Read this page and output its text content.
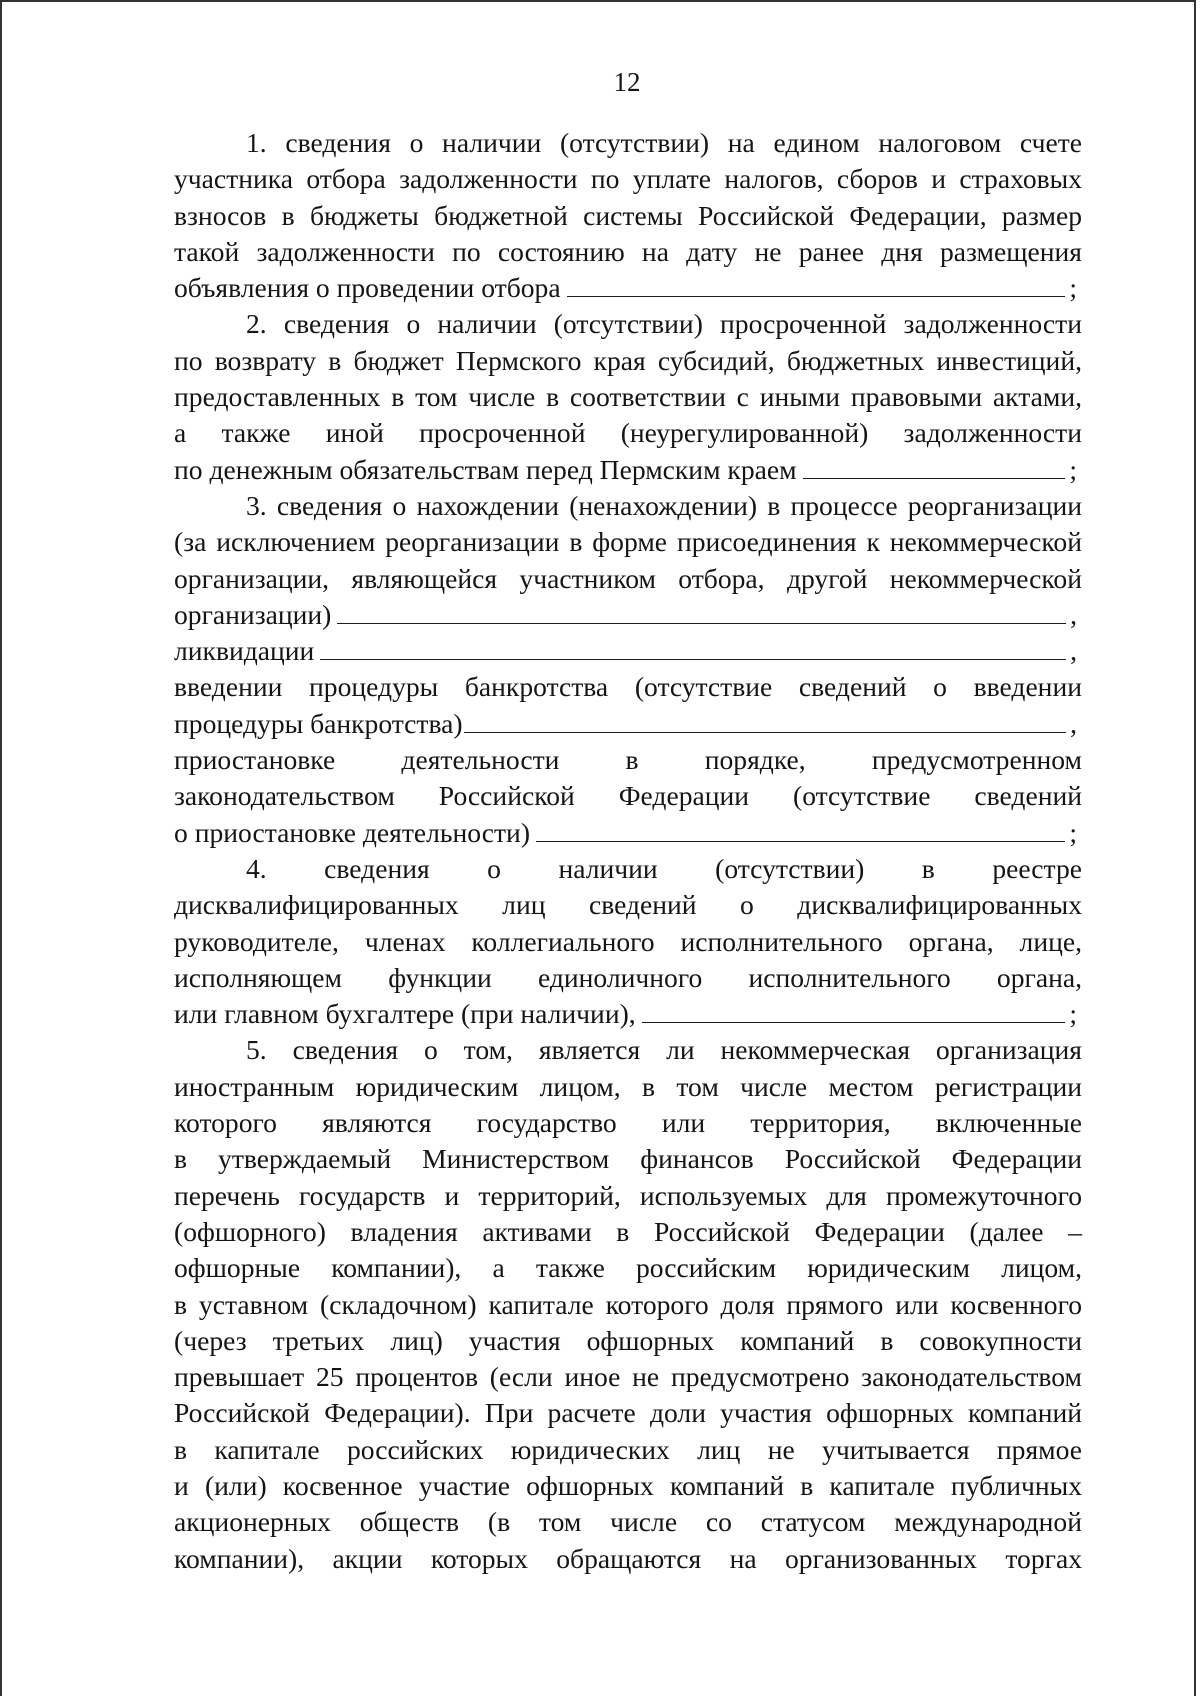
12
1. сведения о наличии (отсутствии) на едином налоговом счете
участника отбора задолженности по уплате налогов, сборов и страховых
взносов в бюджеты бюджетной системы Российской Федерации, размер
такой задолженности по состоянию на дату не ранее дня размещения
объявления о проведении отбора	;
2. сведения о наличии (отсутствии) просроченной задолженности
по возврату в бюджет Пермского края субсидий, бюджетных инвестиций,
предоставленных в том числе в соответствии с иными правовыми актами,
а также иной просроченной (неурегулированной) задолженности
по денежным обязательствам перед Пермским краем	;
3. сведения о нахождении (ненахождении) в процессе реорганизации
(за исключением реорганизации в форме присоединения к некоммерческой
организации, являющейся участником отбора, другой некоммерческой
организации)	,
ликвидации	,
введении процедуры банкротства (отсутствие сведений о введении
процедуры банкротства)	,
приостановке деятельности в порядке, предусмотренном
законодательством Российской Федерации (отсутствие сведений
о приостановке деятельности)	;
4. сведения о наличии (отсутствии) в реестре
дисквалифицированных лиц сведений о дисквалифицированных
руководителе, членах коллегиального исполнительного органа, лице,
исполняющем функции единоличного исполнительного органа,
или главном бухгалтере (при наличии),	;
5. сведения о том, является ли некоммерческая организация
иностранным юридическим лицом, в том числе местом регистрации
которого являются государство или территория, включенные
в утверждаемый Министерством финансов Российской Федерации
перечень государств и территорий, используемых для промежуточного
(офшорного) владения активами в Российской Федерации (далее –
офшорные компании), а также российским юридическим лицом,
в уставном (складочном) капитале которого доля прямого или косвенного
(через третьих лиц) участия офшорных компаний в совокупности
превышает 25 процентов (если иное не предусмотрено законодательством
Российской Федерации). При расчете доли участия офшорных компаний
в капитале российских юридических лиц не учитывается прямое
и (или) косвенное участие офшорных компаний в капитале публичных
акционерных обществ (в том числе со статусом международной
компании), акции которых обращаются на организованных торгах
